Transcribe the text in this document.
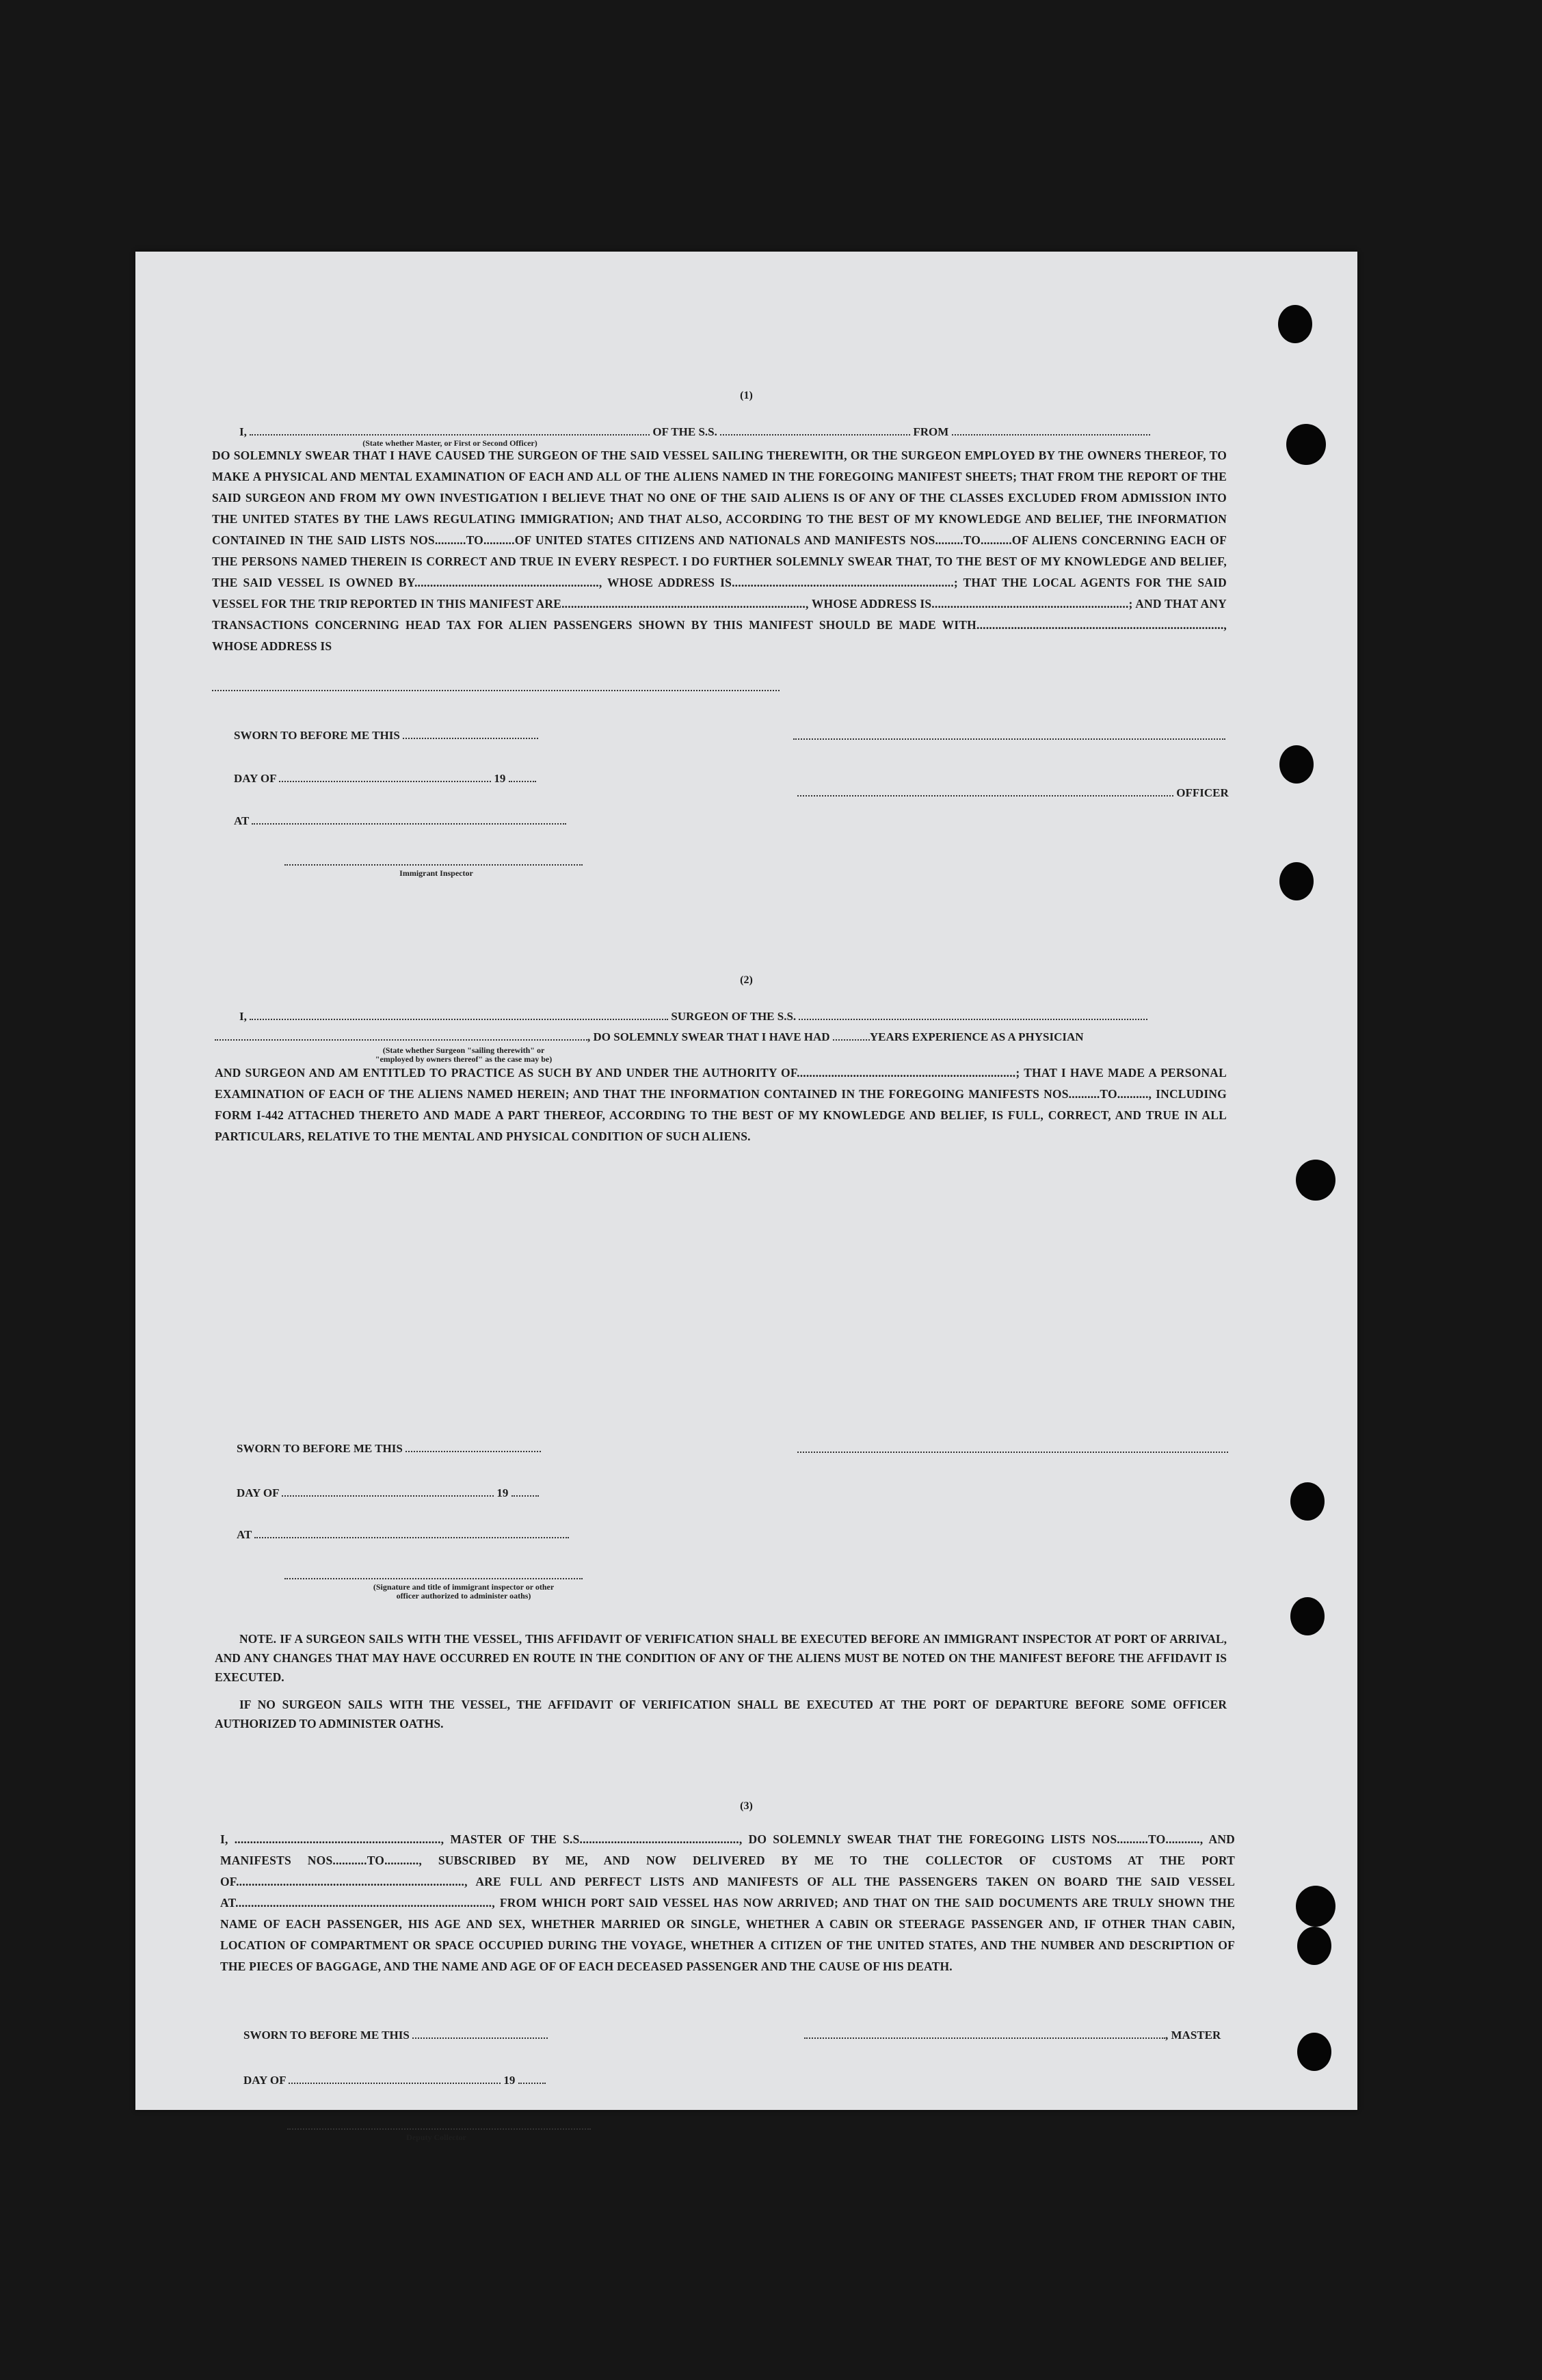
(1)
I,	OF THE S.S.	FROM
(State whether Master, or First or Second Officer)
DO SOLEMNLY SWEAR THAT I HAVE CAUSED THE SURGEON OF THE SAID VESSEL SAILING THEREWITH, OR THE SURGEON EMPLOYED BY THE OWNERS THEREOF, TO MAKE A PHYSICAL AND MENTAL EXAMINATION OF EACH AND ALL OF THE ALIENS NAMED IN THE FOREGOING MANIFEST SHEETS; THAT FROM THE REPORT OF THE SAID SURGEON AND FROM MY OWN INVESTIGATION I BELIEVE THAT NO ONE OF THE SAID ALIENS IS OF ANY OF THE CLASSES EXCLUDED FROM ADMISSION INTO THE UNITED STATES BY THE LAWS REGULATING IMMIGRATION; AND THAT ALSO, ACCORDING TO THE BEST OF MY KNOWLEDGE AND BELIEF, THE INFORMATION CONTAINED IN THE SAID LISTS NOS..........TO..........OF UNITED STATES CITIZENS AND NATIONALS AND MANIFESTS NOS.........TO..........OF ALIENS CONCERNING EACH OF THE PERSONS NAMED THEREIN IS CORRECT AND TRUE IN EVERY RESPECT. I DO FURTHER SOLEMNLY SWEAR THAT, TO THE BEST OF MY KNOWLEDGE AND BELIEF, THE SAID VESSEL IS OWNED BY..........................................................., WHOSE ADDRESS IS.......................................................................; THAT THE LOCAL AGENTS FOR THE SAID VESSEL FOR THE TRIP REPORTED IN THIS MANIFEST ARE.............................................................................., WHOSE ADDRESS IS...............................................................; AND THAT ANY TRANSACTIONS CONCERNING HEAD TAX FOR ALIEN PASSENGERS SHOWN BY THIS MANIFEST SHOULD BE MADE WITH..............................................................................., WHOSE ADDRESS IS
SWORN TO BEFORE ME THIS
DAY OF	19
OFFICER
AT
Immigrant Inspector
(2)
I,	SURGEON OF THE S.S.
, DO SOLEMNLY SWEAR THAT I HAVE HAD	YEARS EXPERIENCE AS A PHYSICIAN
(State whether Surgeon "sailing therewith" or "employed by owners thereof" as the case may be)
AND SURGEON AND AM ENTITLED TO PRACTICE AS SUCH BY AND UNDER THE AUTHORITY OF......................................................................; THAT I HAVE MADE A PERSONAL EXAMINATION OF EACH OF THE ALIENS NAMED HEREIN; AND THAT THE INFORMATION CONTAINED IN THE FOREGOING MANIFESTS NOS..........TO.........., INCLUDING FORM I-442 ATTACHED THERETO AND MADE A PART THEREOF, ACCORDING TO THE BEST OF MY KNOWLEDGE AND BELIEF, IS FULL, CORRECT, AND TRUE IN ALL PARTICULARS, RELATIVE TO THE MENTAL AND PHYSICAL CONDITION OF SUCH ALIENS.
SWORN TO BEFORE ME THIS
DAY OF	19
AT
(Signature and title of immigrant inspector or other officer authorized to administer oaths)

NOTE. IF A SURGEON SAILS WITH THE VESSEL, THIS AFFIDAVIT OF VERIFICATION SHALL BE EXECUTED BEFORE AN IMMIGRANT INSPECTOR AT PORT OF ARRIVAL, AND ANY CHANGES THAT MAY HAVE OCCURRED EN ROUTE IN THE CONDITION OF ANY OF THE ALIENS MUST BE NOTED ON THE MANIFEST BEFORE THE AFFIDAVIT IS EXECUTED.

IF NO SURGEON SAILS WITH THE VESSEL, THE AFFIDAVIT OF VERIFICATION SHALL BE EXECUTED AT THE PORT OF DEPARTURE BEFORE SOME OFFICER AUTHORIZED TO ADMINISTER OATHS.

(3)
I, .................................................................., MASTER OF THE S.S..................................................., DO SOLEMNLY SWEAR THAT THE FOREGOING LISTS NOS..........TO..........., AND MANIFESTS NOS...........TO..........., SUBSCRIBED BY ME, AND NOW DELIVERED BY ME TO THE COLLECTOR OF CUSTOMS AT THE PORT OF........................................................................., ARE FULL AND PERFECT LISTS AND MANIFESTS OF ALL THE PASSENGERS TAKEN ON BOARD THE SAID VESSEL AT.................................................................................., FROM WHICH PORT SAID VESSEL HAS NOW ARRIVED; AND THAT ON THE SAID DOCUMENTS ARE TRULY SHOWN THE NAME OF EACH PASSENGER, HIS AGE AND SEX, WHETHER MARRIED OR SINGLE, WHETHER A CABIN OR STEERAGE PASSENGER AND, IF OTHER THAN CABIN, LOCATION OF COMPARTMENT OR SPACE OCCUPIED DURING THE VOYAGE, WHETHER A CITIZEN OF THE UNITED STATES, AND THE NUMBER AND DESCRIPTION OF THE PIECES OF BAGGAGE, AND THE NAME AND AGE OF OF EACH DECEASED PASSENGER AND THE CAUSE OF HIS DEATH.
SWORN TO BEFORE ME THIS	, MASTER
DAY OF	19
Deputy Collector
